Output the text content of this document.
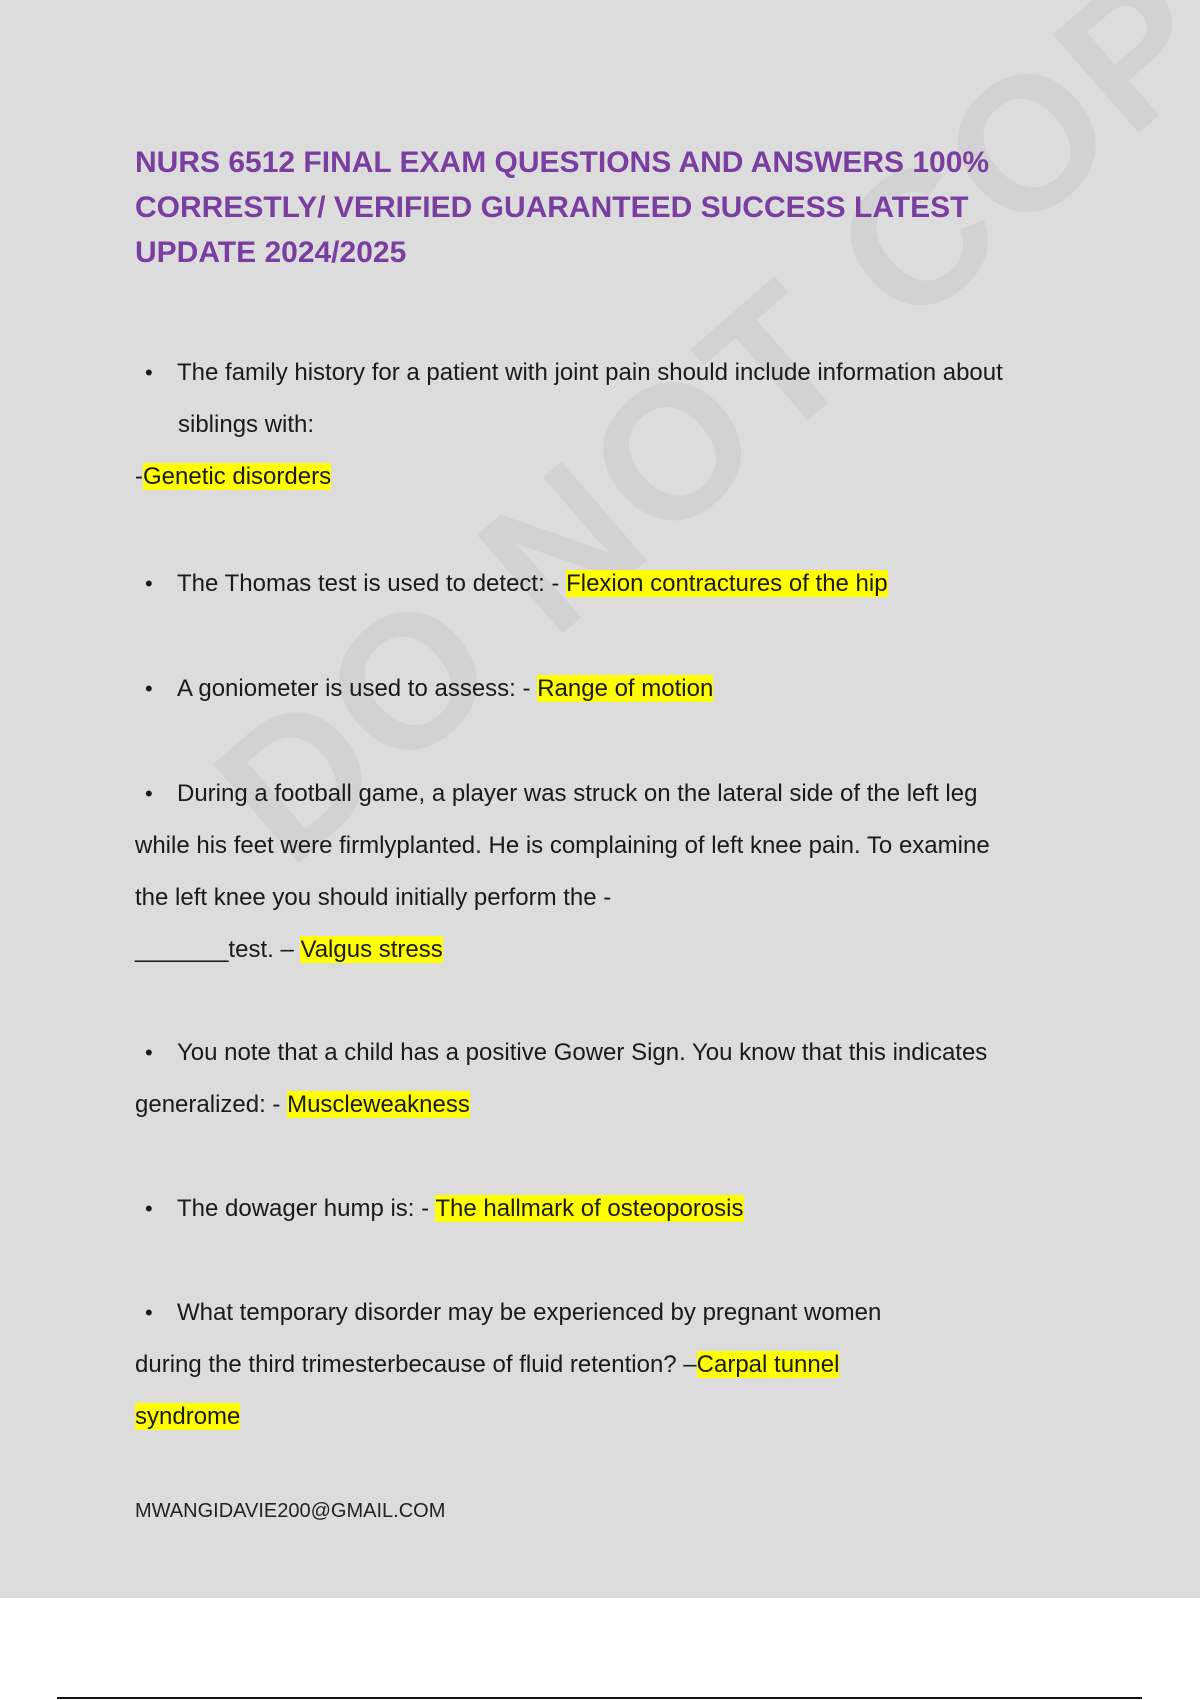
NURS 6512 FINAL EXAM QUESTIONS AND ANSWERS 100% CORRESTLY/ VERIFIED GUARANTEED SUCCESS LATEST UPDATE 2024/2025
• The family history for a patient with joint pain should include information about
siblings with:
-Genetic disorders
• The Thomas test is used to detect: - Flexion contractures of the hip
• A goniometer is used to assess: - Range of motion
• During a football game, a player was struck on the lateral side of the left leg
while his feet were firmlyplanted. He is complaining of left knee pain. To examine
the left knee you should initially perform the -
_______test. – Valgus stress
• You note that a child has a positive Gower Sign. You know that this indicates
generalized: - Muscleweakness
• The dowager hump is: - The hallmark of osteoporosis
• What temporary disorder may be experienced by pregnant women
during the third trimesterbecause of fluid retention? –Carpal tunnel
syndrome
MWANGIDAVIE200@GMAIL.COM
